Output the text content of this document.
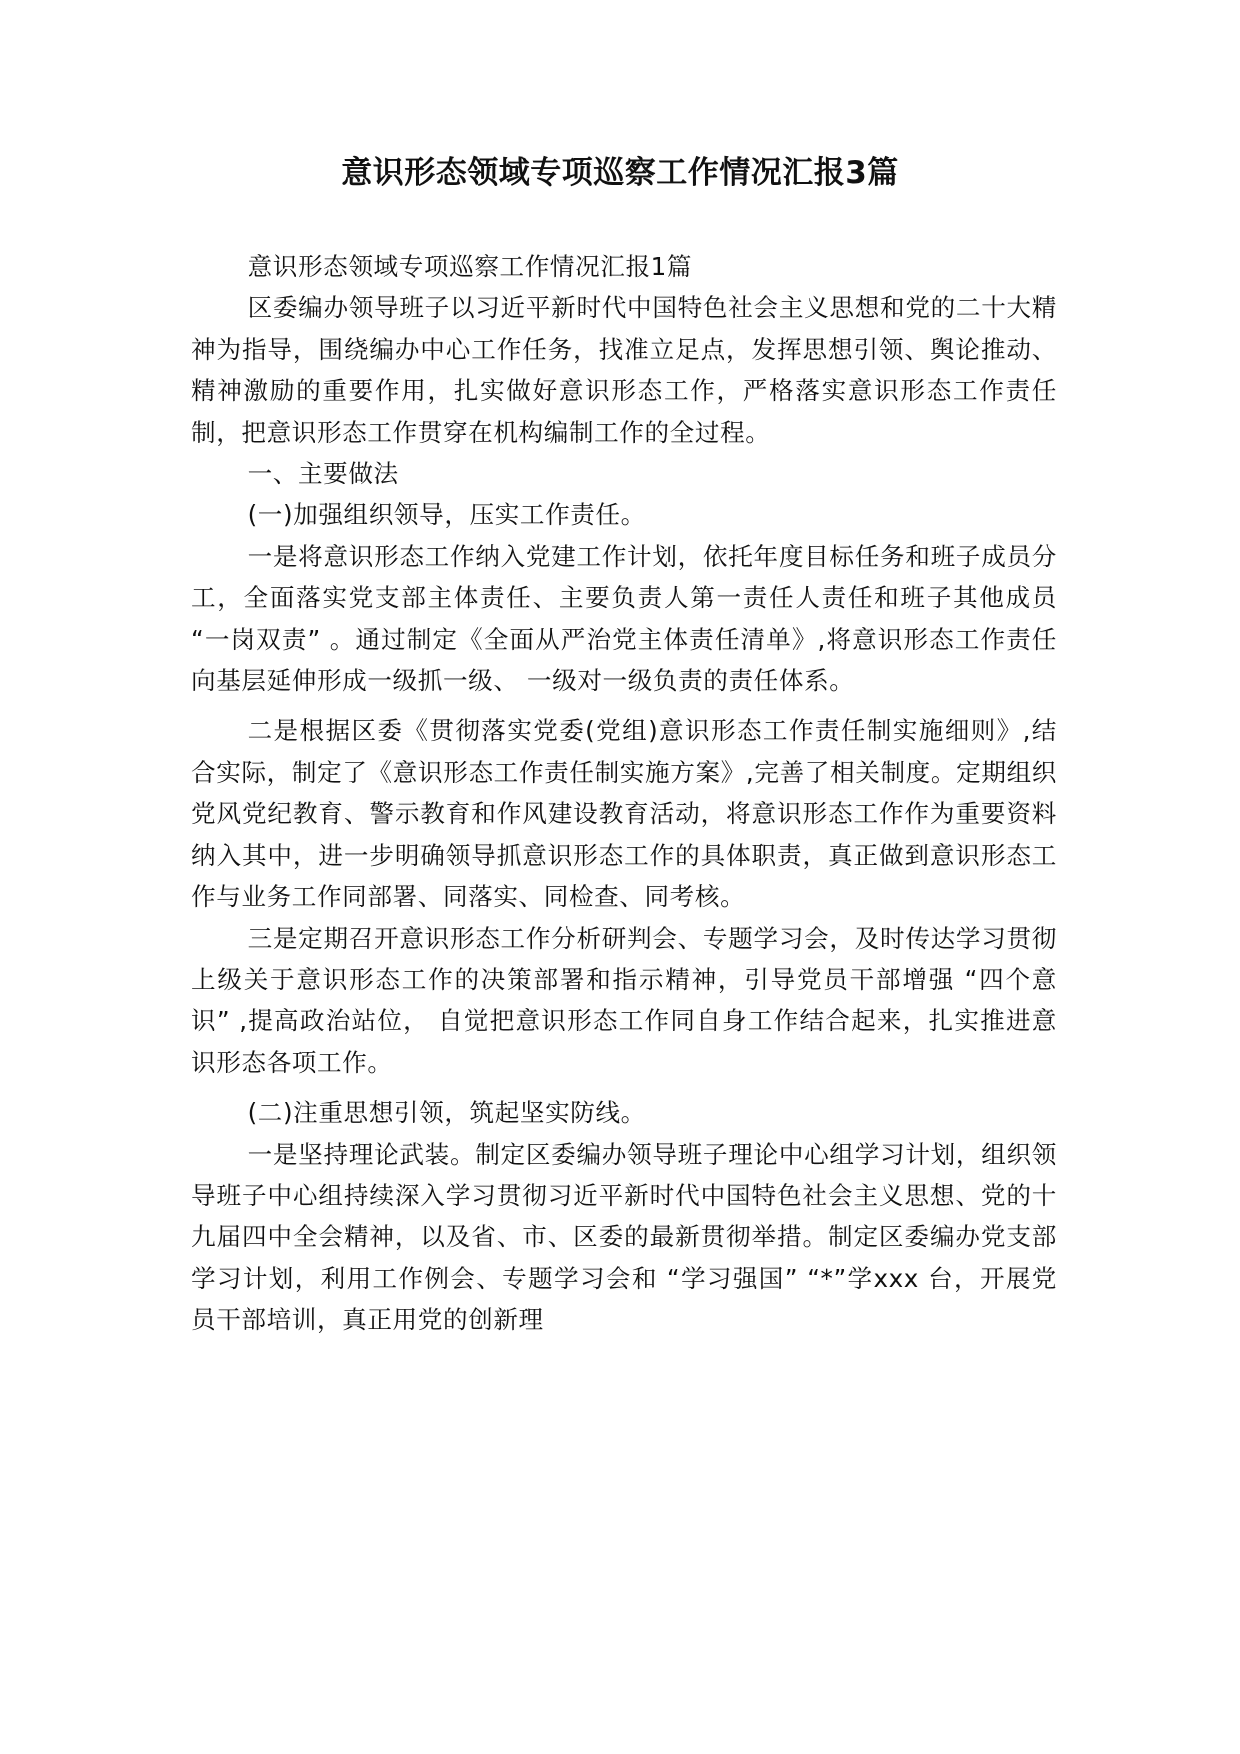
意识形态领域专项巡察工作情况汇报3篇

意识形态领域专项巡察工作情况汇报1篇

区委编办领导班子以习近平新时代中国特色社会主义思想和党的二十大精神为指导，围绕编办中心工作任务，找准立足点，发挥思想引领、舆论推动、精神激励的重要作用，扎实做好意识形态工作，严格落实意识形态工作责任制，把意识形态工作贯穿在机构编制工作的全过程。

一、主要做法

(一)加强组织领导，压实工作责任。

一是将意识形态工作纳入党建工作计划，依托年度目标任务和班子成员分工，全面落实党支部主体责任、主要负责人第一责任人责任和班子其他成员 “一岗双责” 。通过制定《全面从严治党主体责任清单》,将意识形态工作责任向基层延伸形成一级抓一级、 一级对一级负责的责任体系。

二是根据区委《贯彻落实党委(党组)意识形态工作责任制实施细则》,结合实际，制定了《意识形态工作责任制实施方案》,完善了相关制度。定期组织党风党纪教育、警示教育和作风建设教育活动，将意识形态工作作为重要资料纳入其中，进一步明确领导抓意识形态工作的具体职责，真正做到意识形态工作与业务工作同部署、同落实、同检查、同考核。

三是定期召开意识形态工作分析研判会、专题学习会，及时传达学习贯彻上级关于意识形态工作的决策部署和指示精神，引导党员干部增强 “四个意识” ,提高政治站位， 自觉把意识形态工作同自身工作结合起来，扎实推进意识形态各项工作。

(二)注重思想引领，筑起坚实防线。

一是坚持理论武装。制定区委编办领导班子理论中心组学习计划，组织领导班子中心组持续深入学习贯彻习近平新时代中国特色社会主义思想、党的十九届四中全会精神，以及省、市、区委的最新贯彻举措。制定区委编办党支部学习计划，利用工作例会、专题学习会和 “学习强国” “*”学xxx 台，开展党员干部培训，真正用党的创新理
